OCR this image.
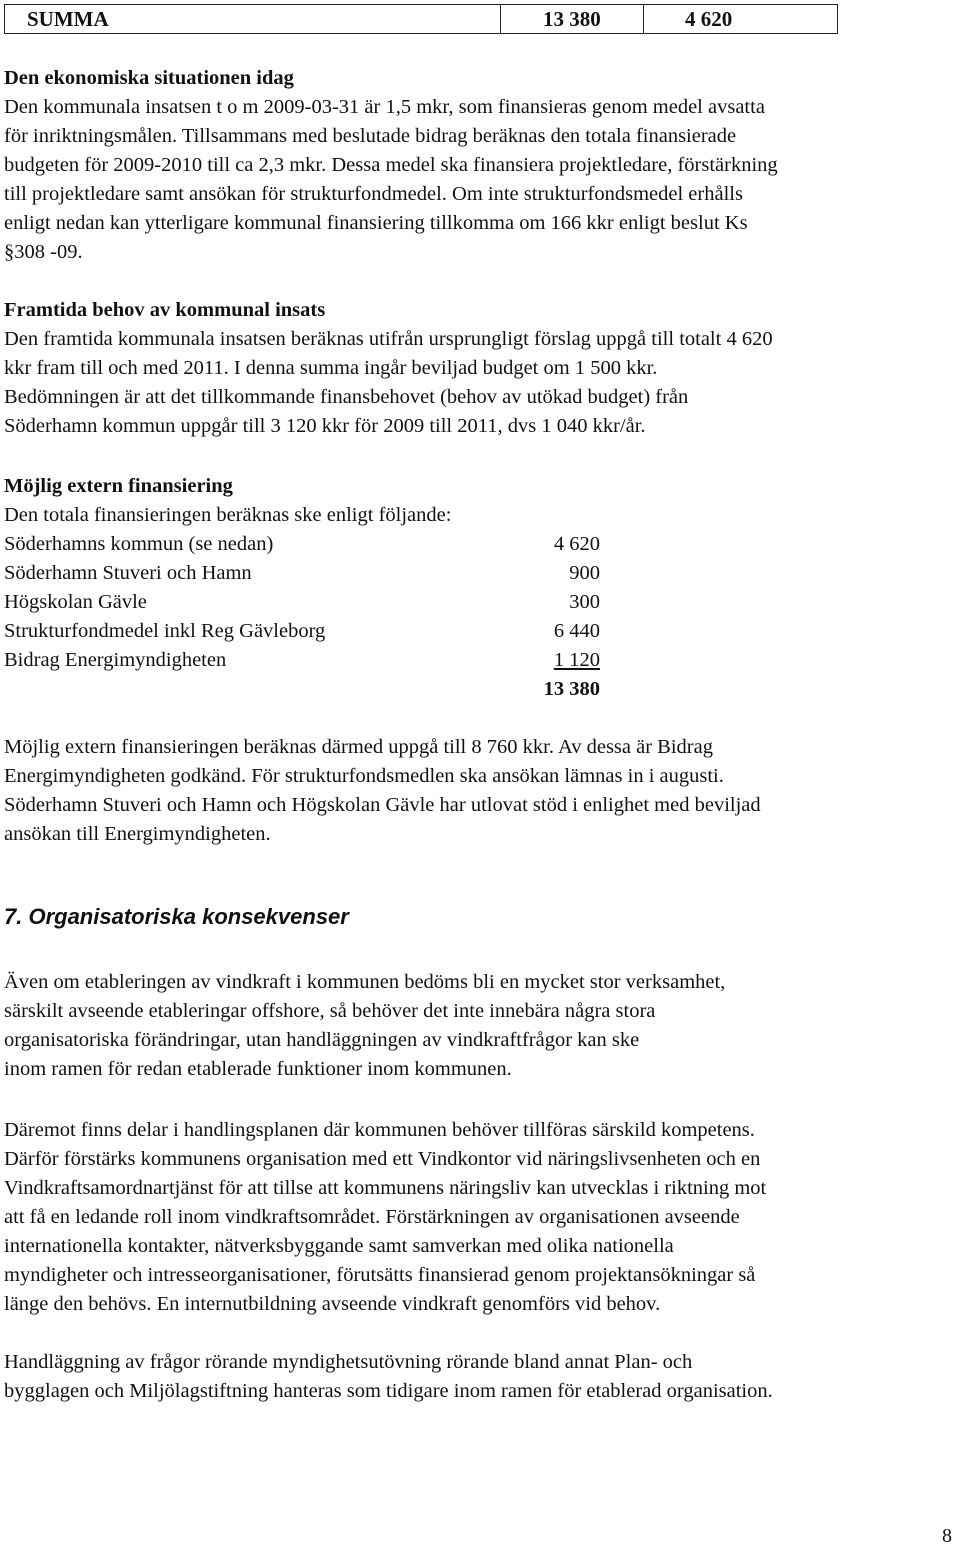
SUMMA	13 380	4 620
Den ekonomiska situationen idag
Den kommunala insatsen t o m 2009-03-31 är 1,5 mkr, som finansieras genom medel avsatta
för inriktningsmålen. Tillsammans med beslutade bidrag beräknas den totala finansierade
budgeten för 2009-2010 till ca 2,3 mkr. Dessa medel ska finansiera projektledare, förstärkning
till projektledare samt ansökan för strukturfondmedel. Om inte strukturfondsmedel erhålls
enligt nedan kan ytterligare kommunal finansiering tillkomma om 166 kkr enligt beslut Ks
§308 -09.
Framtida behov av kommunal insats
Den framtida kommunala insatsen beräknas utifrån ursprungligt förslag uppgå till totalt 4 620
kkr fram till och med 2011. I denna summa ingår beviljad budget om 1 500 kkr.
Bedömningen är att det tillkommande finansbehovet (behov av utökad budget) från
Söderhamn kommun uppgår till 3 120 kkr för 2009 till 2011, dvs 1 040 kkr/år.
Möjlig extern finansiering
Den totala finansieringen beräknas ske enligt följande:
Söderhamns kommun (se nedan)	4 620
Söderhamn Stuveri och Hamn	900
Högskolan Gävle	300
Strukturfondmedel inkl Reg Gävleborg	6 440
Bidrag Energimyndigheten	1 120
13 380
Möjlig extern finansieringen beräknas därmed uppgå till 8 760 kkr. Av dessa är Bidrag
Energimyndigheten godkänd. För strukturfondsmedlen ska ansökan lämnas in i augusti.
Söderhamn Stuveri och Hamn och Högskolan Gävle har utlovat stöd i enlighet med beviljad
ansökan till Energimyndigheten.
7. Organisatoriska konsekvenser
Även om etableringen av vindkraft i kommunen bedöms bli en mycket stor verksamhet,
särskilt avseende etableringar offshore, så behöver det inte innebära några stora
organisatoriska förändringar, utan handläggningen av vindkraftfrågor kan ske
inom ramen för redan etablerade funktioner inom kommunen.
Däremot finns delar i handlingsplanen där kommunen behöver tillföras särskild kompetens.
Därför förstärks kommunens organisation med ett Vindkontor vid näringslivsenheten och en
Vindkraftsamordnartjänst för att tillse att kommunens näringsliv kan utvecklas i riktning mot
att få en ledande roll inom vindkraftsområdet. Förstärkningen av organisationen avseende
internationella kontakter, nätverksbyggande samt samverkan med olika nationella
myndigheter och intresseorganisationer, förutsätts finansierad genom projektansökningar så
länge den behövs. En internutbildning avseende vindkraft genomförs vid behov.
Handläggning av frågor rörande myndighetsutövning rörande bland annat Plan- och
bygglagen och Miljölagstiftning hanteras som tidigare inom ramen för etablerad organisation.
8
